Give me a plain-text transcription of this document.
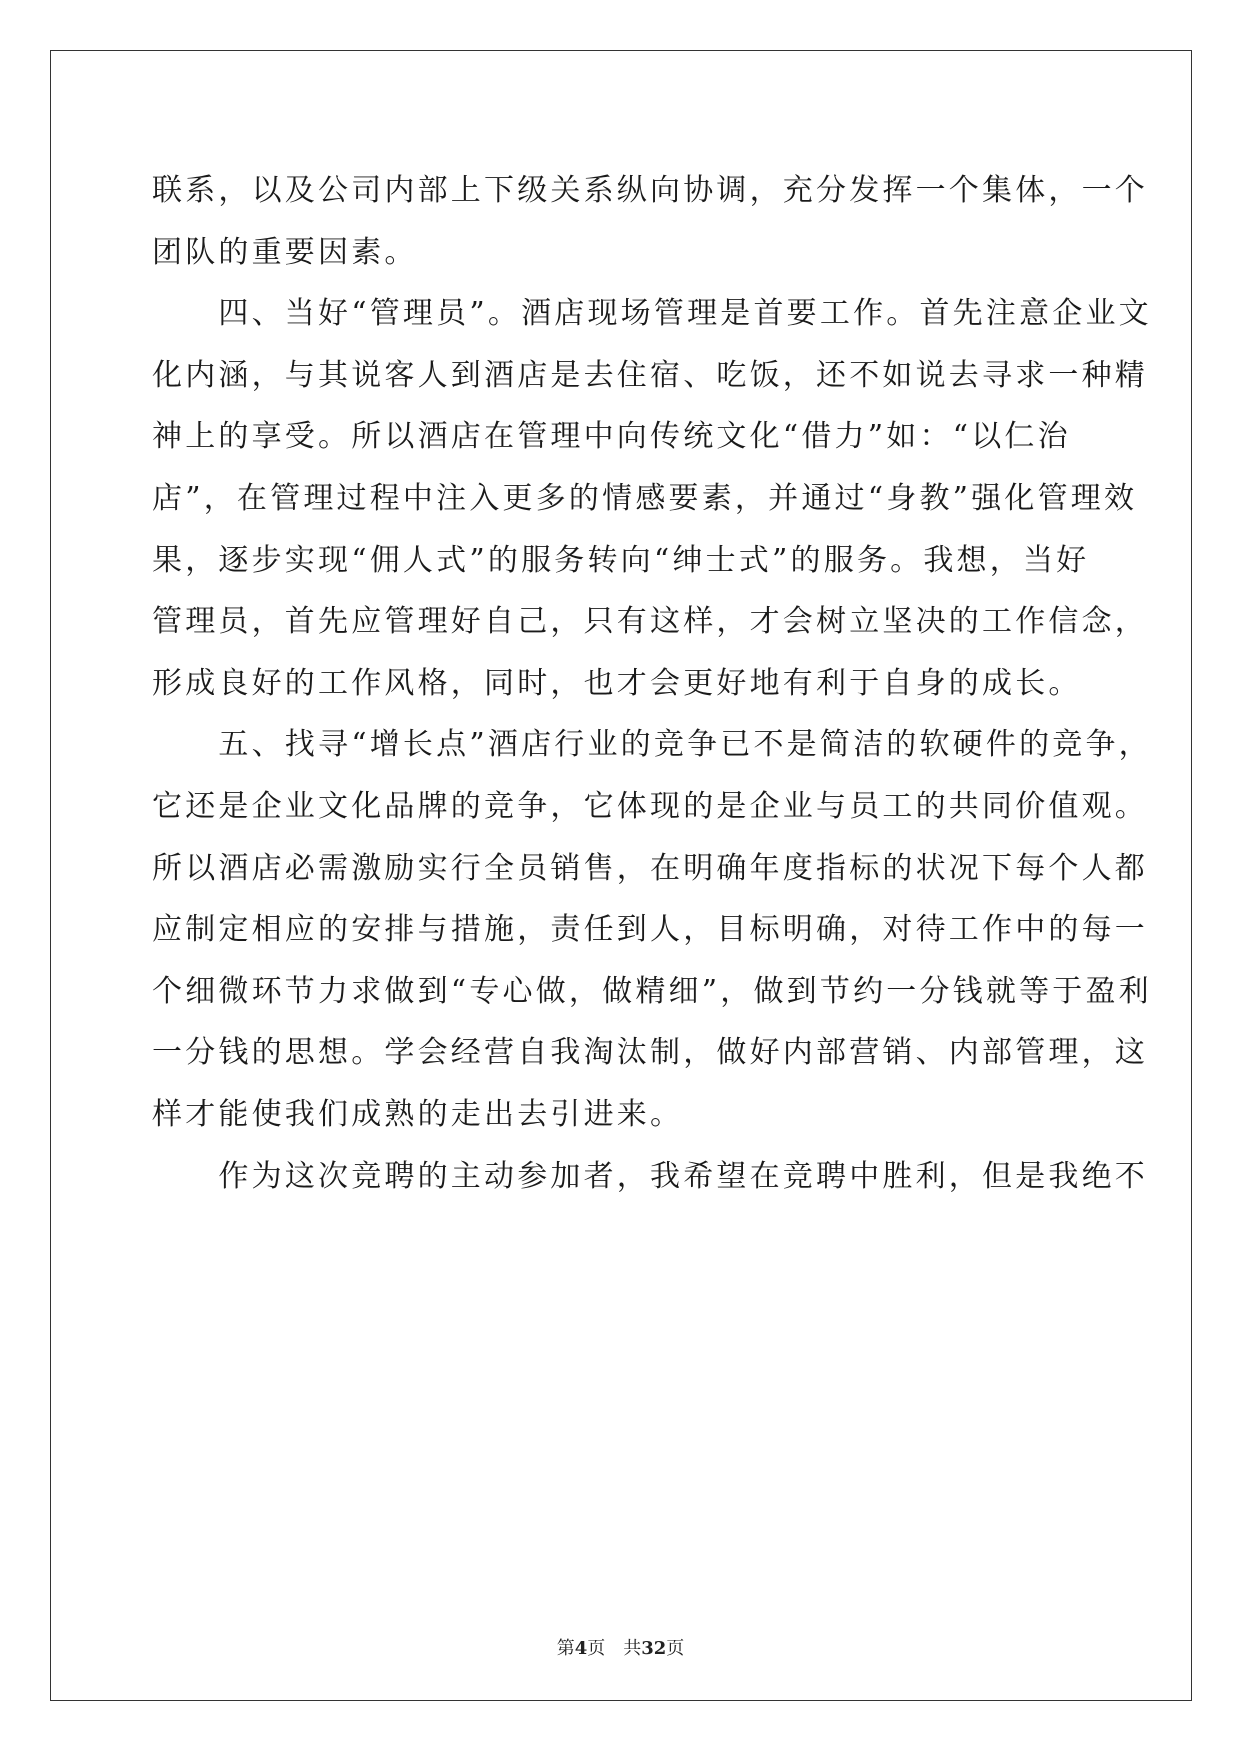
联系，以及公司内部上下级关系纵向协调，充分发挥一个集体，一个
团队的重要因素。
　　四、当好“管理员”。酒店现场管理是首要工作。首先注意企业文
化内涵，与其说客人到酒店是去住宿、吃饭，还不如说去寻求一种精
神上的享受。所以酒店在管理中向传统文化“借力”如：“以仁治
店”，在管理过程中注入更多的情感要素，并通过“身教”强化管理效
果，逐步实现“佣人式”的服务转向“绅士式”的服务。我想，当好
管理员，首先应管理好自己，只有这样，才会树立坚决的工作信念，
形成良好的工作风格，同时，也才会更好地有利于自身的成长。
　　五、找寻“增长点”酒店行业的竞争已不是简洁的软硬件的竞争，
它还是企业文化品牌的竞争，它体现的是企业与员工的共同价值观。
所以酒店必需激励实行全员销售，在明确年度指标的状况下每个人都
应制定相应的安排与措施，责任到人，目标明确，对待工作中的每一
个细微环节力求做到“专心做，做精细”，做到节约一分钱就等于盈利
一分钱的思想。学会经营自我淘汰制，做好内部营销、内部管理，这
样才能使我们成熟的走出去引进来。
　　作为这次竞聘的主动参加者，我希望在竞聘中胜利，但是我绝不
第4页 共32页
